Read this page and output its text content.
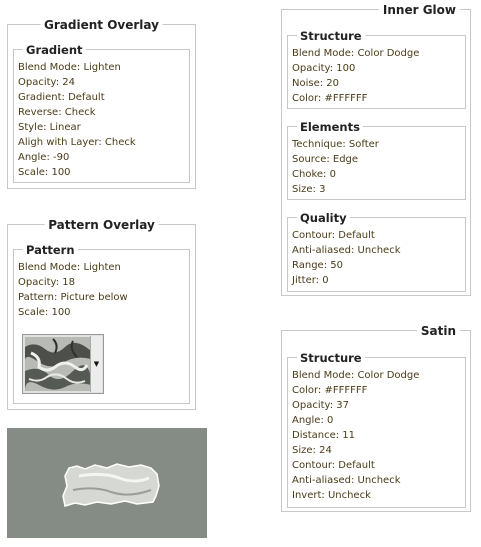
Gradient Overlay
Gradient
Blend Mode: Lighten
Opacity: 24
Gradient: Default
Reverse: Check
Style: Linear
Aligh with Layer: Check
Angle: -90
Scale: 100
Pattern Overlay
Pattern
Blend Mode: Lighten
Opacity: 18
Pattern: Picture below
Scale: 100
▼
Inner Glow
Structure
Blend Mode: Color Dodge
Opacity: 100
Noise: 20
Color: #FFFFFF
Elements
Technique: Softer
Source: Edge
Choke: 0
Size: 3
Quality
Contour: Default
Anti-aliased: Uncheck
Range: 50
Jitter: 0
Satin
Structure
Blend Mode: Color Dodge
Color: #FFFFFF
Opacity: 37
Angle: 0
Distance: 11
Size: 24
Contour: Default
Anti-aliased: Uncheck
Invert: Uncheck
